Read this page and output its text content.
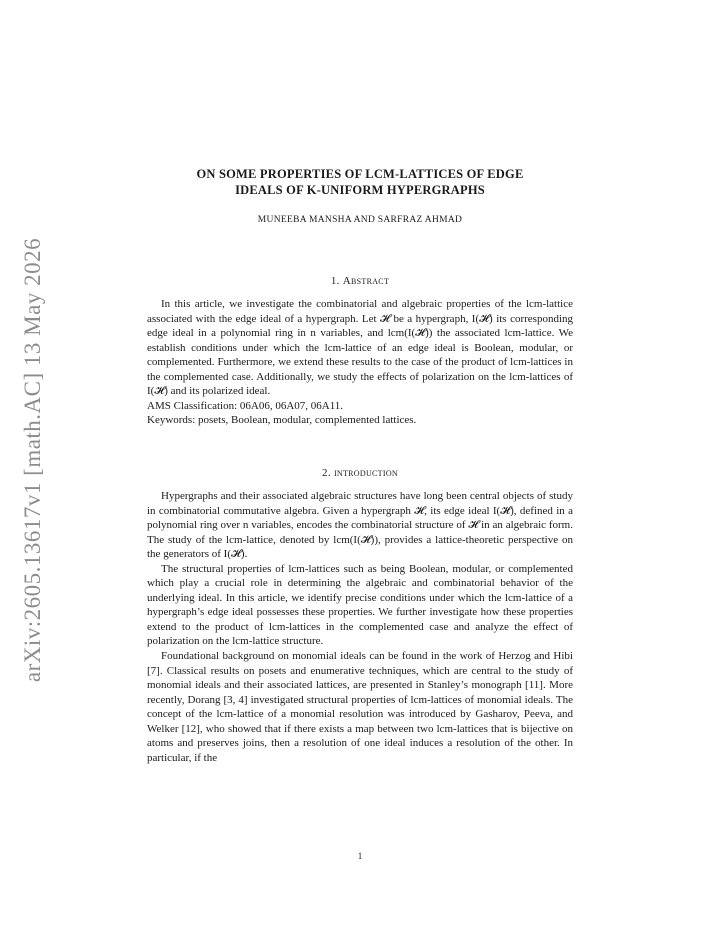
arXiv:2605.13617v1 [math.AC] 13 May 2026
ON SOME PROPERTIES OF LCM-LATTICES OF EDGE
IDEALS OF K-UNIFORM HYPERGRAPHS
MUNEEBA MANSHA AND SARFRAZ AHMAD
1. Abstract

In this article, we investigate the combinatorial and algebraic properties of the lcm-lattice associated with the edge ideal of a hypergraph. Let 𝓗 be a hypergraph, I(𝓗) its corresponding edge ideal in a polynomial ring in n variables, and lcm(I(𝓗)) the associated lcm-lattice. We establish conditions under which the lcm-lattice of an edge ideal is Boolean, modular, or complemented. Furthermore, we extend these results to the case of the product of lcm-lattices in the complemented case. Additionally, we study the effects of polarization on the lcm-lattices of I(𝓗) and its polarized ideal.

AMS Classification: 06A06, 06A07, 06A11.

Keywords: posets, Boolean, modular, complemented lattices.

2. introduction

Hypergraphs and their associated algebraic structures have long been central objects of study in combinatorial commutative algebra. Given a hypergraph 𝓗, its edge ideal I(𝓗), defined in a polynomial ring over n variables, encodes the combinatorial structure of 𝓗 in an algebraic form. The study of the lcm-lattice, denoted by lcm(I(𝓗)), provides a lattice-theoretic perspective on the generators of I(𝓗).

The structural properties of lcm-lattices such as being Boolean, modular, or complemented which play a crucial role in determining the algebraic and combinatorial behavior of the underlying ideal. In this article, we identify precise conditions under which the lcm-lattice of a hypergraph’s edge ideal possesses these properties. We further investigate how these properties extend to the product of lcm-lattices in the complemented case and analyze the effect of polarization on the lcm-lattice structure.

Foundational background on monomial ideals can be found in the work of Herzog and Hibi [7]. Classical results on posets and enumerative techniques, which are central to the study of monomial ideals and their associated lattices, are presented in Stanley’s monograph [11]. More recently, Dorang [3, 4] investigated structural properties of lcm-lattices of monomial ideals. The concept of the lcm-lattice of a monomial resolution was introduced by Gasharov, Peeva, and Welker [12], who showed that if there exists a map between two lcm-lattices that is bijective on atoms and preserves joins, then a resolution of one ideal induces a resolution of the other. In particular, if the

1
